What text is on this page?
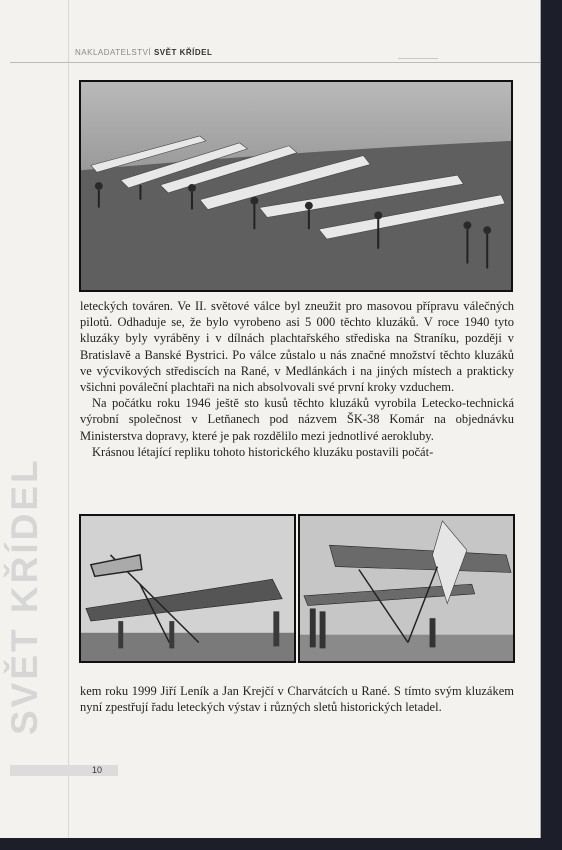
SVĚT KŘÍDEL
NAKLADATELSTVÍ SVĚT KŘÍDEL

leteckých továren. Ve II. světové válce byl zneužit pro masovou přípravu válečných pilotů. Odhaduje se, že bylo vyrobeno asi 5 000 těchto kluzáků. V roce 1940 tyto kluzáky byly vyráběny i v dílnách plachtařského střediska na Straníku, později v Bratislavě a Banské Bystrici. Po válce zůstalo u nás značné množství těchto kluzáků ve výcvikových střediscích na Rané, v Medlánkách i na jiných místech a prakticky všichni poválečnί plachtaři na nich absolvovali své první kroky vzduchem.

Na počátku roku 1946 ještě sto kusů těchto kluzáků vyrobila Letecko-technická výrobní společnost v Letňanech pod názvem ŠK-38 Komár na objednávku Ministerstva dopravy, které je pak rozdělilo mezi jednotlivé aerokluby.

Krásnou létající repliku tohoto historického kluzáku postavili počát-

kem roku 1999 Jiří Leník a Jan Krejčí v Charvátcích u Rané. S tímto svým kluzákem nyní zpestřují řadu leteckých výstav i různých sletů historických letadel.

10
